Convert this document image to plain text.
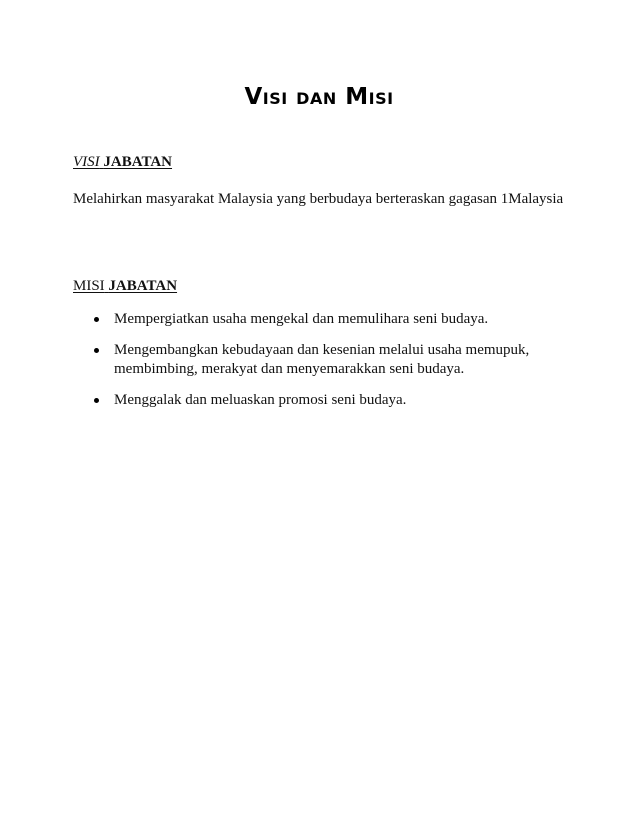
Visi dan Misi
VISI JABATAN
Melahirkan masyarakat Malaysia yang berbudaya berteraskan gagasan 1Malaysia
MISI JABATAN
Mempergiatkan usaha mengekal dan memulihara seni budaya.
Mengembangkan kebudayaan dan kesenian melalui usaha memupuk, membimbing, merakyat dan menyemarakkan seni budaya.
Menggalak dan meluaskan promosi seni budaya.
